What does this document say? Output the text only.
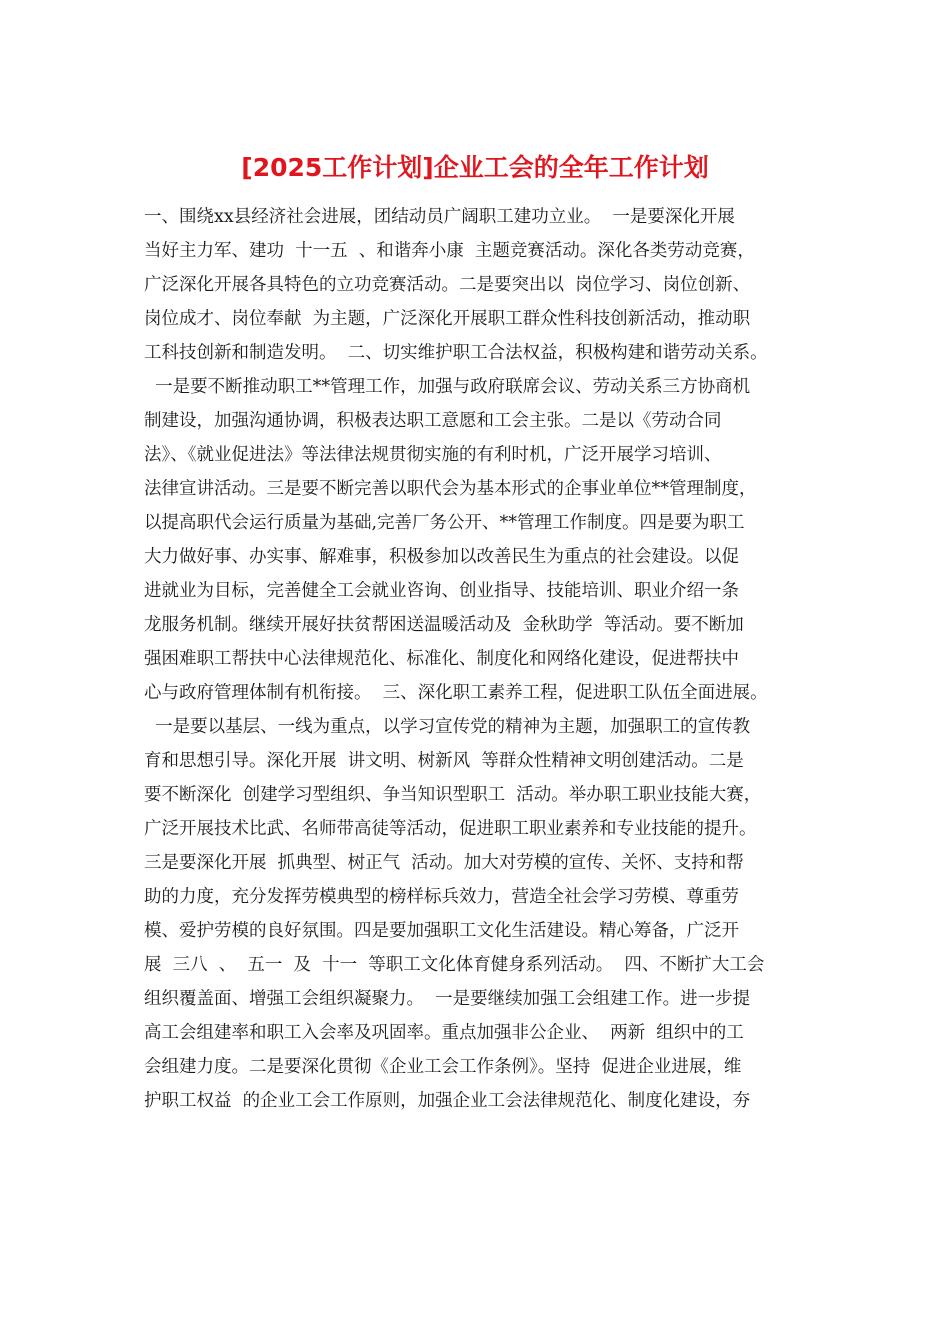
[2025工作计划]企业工会的全年工作计划
一、围绕xx县经济社会进展，团结动员广阔职工建功立业。  一是要深化开展
当好主力军、建功  十一五  、和谐奔小康  主题竞赛活动。深化各类劳动竞赛，
广泛深化开展各具特色的立功竞赛活动。二是要突出以  岗位学习、岗位创新、
岗位成才、岗位奉献  为主题，广泛深化开展职工群众性科技创新活动，推动职
工科技创新和制造发明。  二、切实维护职工合法权益，积极构建和谐劳动关系。
一是要不断推动职工**管理工作，加强与政府联席会议、劳动关系三方协商机
制建设，加强沟通协调，积极表达职工意愿和工会主张。二是以《劳动合同
法》、《就业促进法》等法律法规贯彻实施的有利时机，广泛开展学习培训、
法律宣讲活动。三是要不断完善以职代会为基本形式的企事业单位**管理制度，
以提高职代会运行质量为基础,完善厂务公开、**管理工作制度。四是要为职工
大力做好事、办实事、解难事，积极参加以改善民生为重点的社会建设。以促
进就业为目标，完善健全工会就业咨询、创业指导、技能培训、职业介绍一条
龙服务机制。继续开展好扶贫帮困送温暖活动及  金秋助学  等活动。要不断加
强困难职工帮扶中心法律规范化、标准化、制度化和网络化建设，促进帮扶中
心与政府管理体制有机衔接。  三、深化职工素养工程，促进职工队伍全面进展。
一是要以基层、一线为重点，以学习宣传党的精神为主题，加强职工的宣传教
育和思想引导。深化开展  讲文明、树新风  等群众性精神文明创建活动。二是
要不断深化  创建学习型组织、争当知识型职工  活动。举办职工职业技能大赛，
广泛开展技术比武、名师带高徒等活动，促进职工职业素养和专业技能的提升。
三是要深化开展  抓典型、树正气  活动。加大对劳模的宣传、关怀、支持和帮
助的力度，充分发挥劳模典型的榜样标兵效力，营造全社会学习劳模、尊重劳
模、爱护劳模的良好氛围。四是要加强职工文化生活建设。精心筹备，广泛开
展  三八  、  五一  及  十一  等职工文化体育健身系列活动。  四、不断扩大工会
组织覆盖面、增强工会组织凝聚力。  一是要继续加强工会组建工作。进一步提
高工会组建率和职工入会率及巩固率。重点加强非公企业、  两新  组织中的工
会组建力度。二是要深化贯彻《企业工会工作条例》。坚持  促进企业进展，维
护职工权益  的企业工会工作原则，加强企业工会法律规范化、制度化建设，夯
